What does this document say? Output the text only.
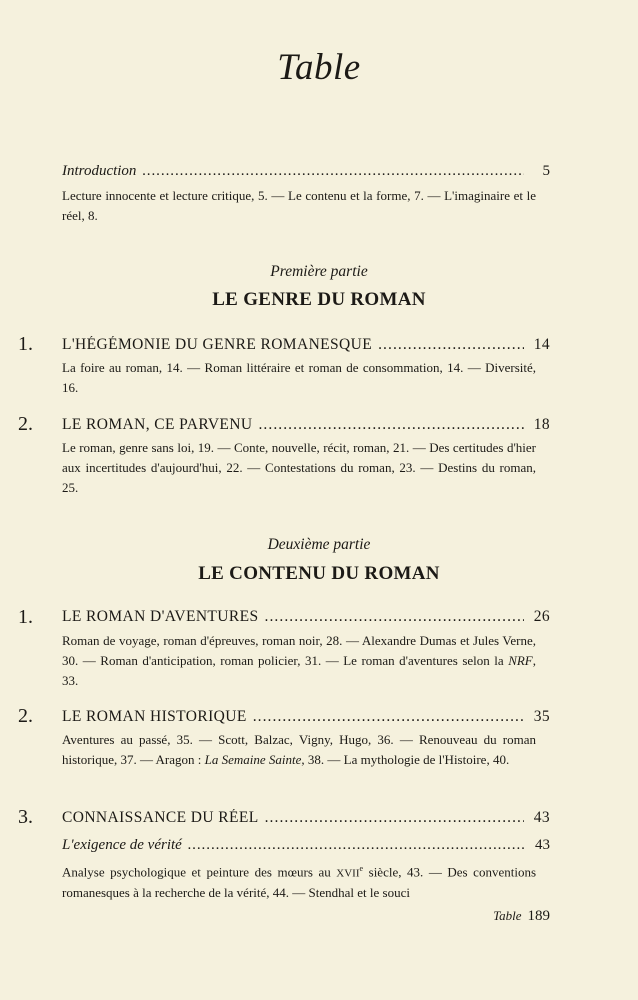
Table
Introduction . . .	5
Lecture innocente et lecture critique, 5. — Le contenu et la forme, 7. — L'imaginaire et le réel, 8.
Première partie
LE GENRE DU ROMAN
1. L'HÉGÉMONIE DU GENRE ROMANESQUE . . .	14
La foire au roman, 14. — Roman littéraire et roman de consommation, 14. — Diversité, 16.
2. LE ROMAN, CE PARVENU . . .	18
Le roman, genre sans loi, 19. — Conte, nouvelle, récit, roman, 21. — Des certitudes d'hier aux incertitudes d'aujourd'hui, 22. — Contestations du roman, 23. — Destins du roman, 25.
Deuxième partie
LE CONTENU DU ROMAN
1. LE ROMAN D'AVENTURES . . .	26
Roman de voyage, roman d'épreuves, roman noir, 28. — Alexandre Dumas et Jules Verne, 30. — Roman d'anticipation, roman policier, 31. — Le roman d'aventures selon la NRF, 33.
2. LE ROMAN HISTORIQUE . . .	35
Aventures au passé, 35. — Scott, Balzac, Vigny, Hugo, 36. — Renouveau du roman historique, 37. — Aragon : La Semaine Sainte, 38. — La mythologie de l'Histoire, 40.
3. CONNAISSANCE DU RÉEL . . .	43
L'exigence de vérité . . .	43
Analyse psychologique et peinture des mœurs au XVIIe siècle, 43. — Des conventions romanesques à la recherche de la vérité, 44. — Stendhal et le souci
Table 189
